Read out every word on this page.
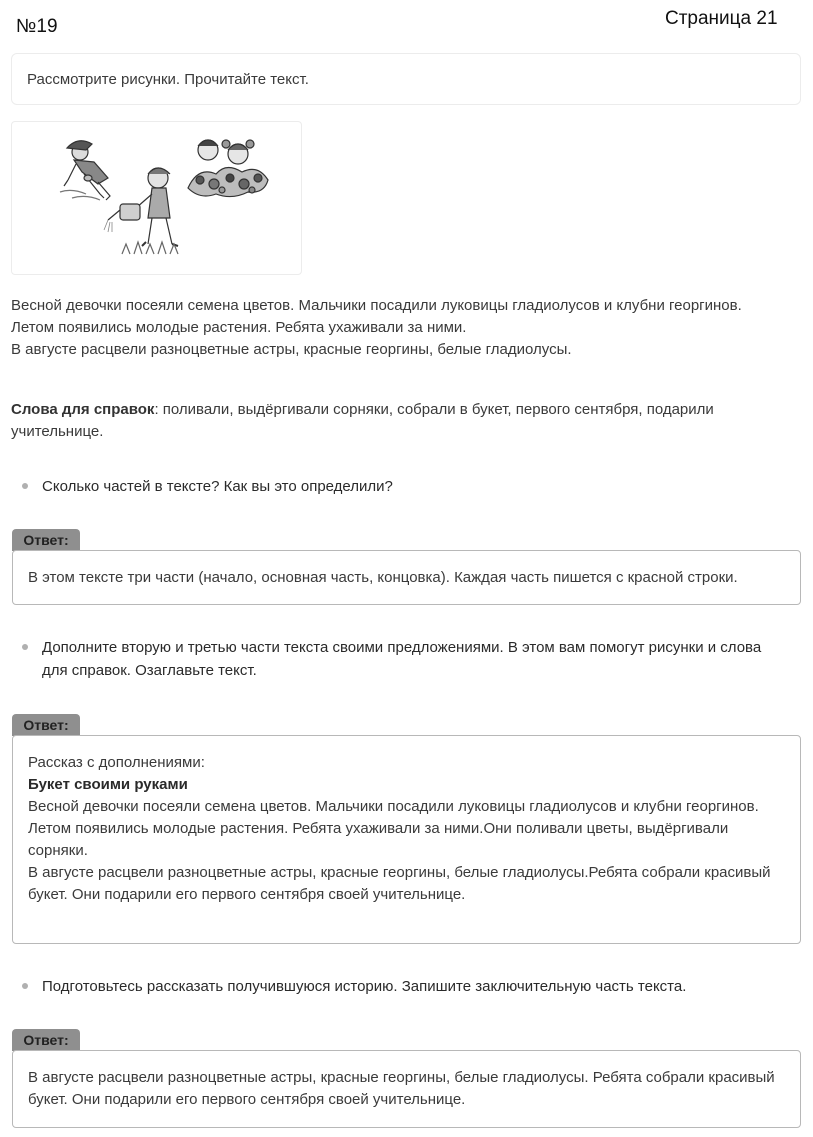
№19	Страница 21
Рассмотрите рисунки. Прочитайте текст.

Весной девочки посеяли семена цветов. Мальчики посадили луковицы гладиолусов и клубни георгинов.

Летом появились молодые растения. Ребята ухаживали за ними.

В августе расцвели разноцветные астры, красные георгины, белые гладиолусы.

Слова для справок: поливали, выдёргивали сорняки, собрали в букет, первого сентября, подарили учительнице.

Сколько частей в тексте? Как вы это определили?
Ответ:

В этом тексте три части (начало, основная часть, концовка). Каждая часть пишется с красной строки.

Дополните вторую и третью части текста своими предложениями. В этом вам помогут рисунки и слова для справок. Озаглавьте текст.
Ответ:

Рассказ с дополнениями:

Букет своими руками

Весной девочки посеяли семена цветов. Мальчики посадили луковицы гладиолусов и клубни георгинов.

Летом появились молодые растения. Ребята ухаживали за ними.Они поливали цветы, выдёргивали сорняки.

В августе расцвели разноцветные астры, красные георгины, белые гладиолусы.Ребята собрали красивый букет. Они подарили его первого сентября своей учительнице.

Подготовьтесь рассказать получившуюся историю. Запишите заключительную часть текста.
Ответ:

В августе расцвели разноцветные астры, красные георгины, белые гладиолусы. Ребята собрали красивый букет. Они подарили его первого сентября своей учительнице.
